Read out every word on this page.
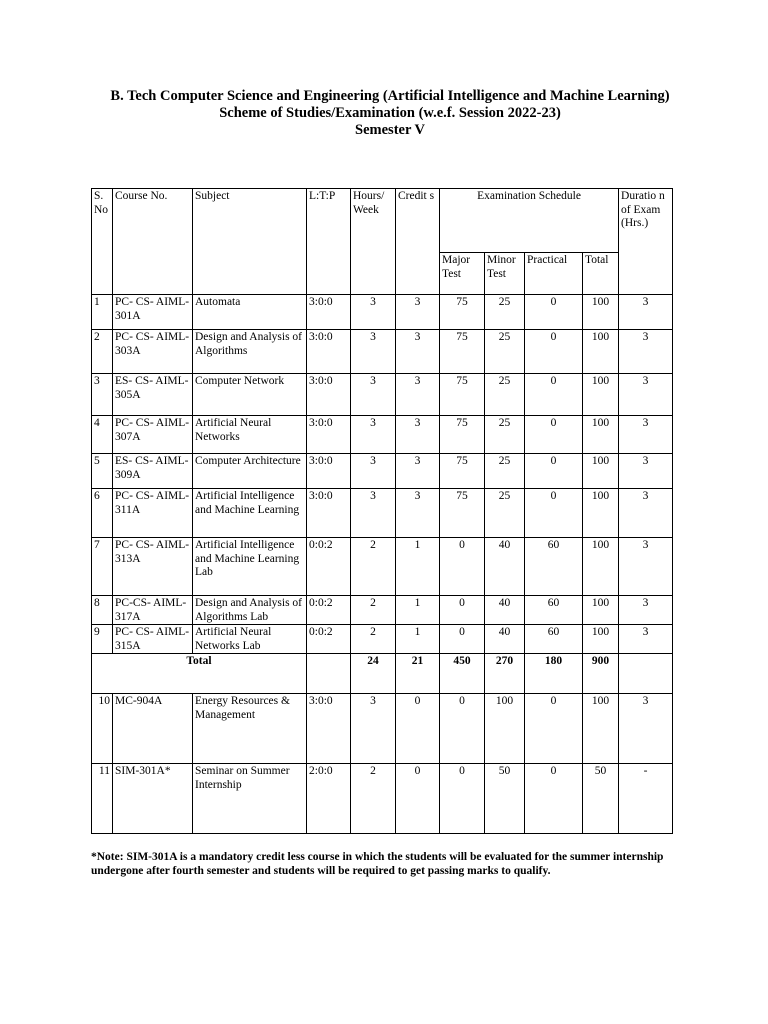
B. Tech Computer Science and Engineering (Artificial Intelligence and Machine Learning)
Scheme of Studies/Examination (w.e.f. Session 2022-23)
Semester V
S. No	Course No.	Subject	L:T:P	Hours/ Week	Credit s	Examination Schedule				Duratio n of Exam (Hrs.)
						Major Test	Minor Test	Practical	Total	
1	PC- CS- AIML- 301A	Automata	3:0:0	3	3	75	25	0	100	3
2	PC- CS- AIML- 303A	Design and Analysis of Algorithms	3:0:0	3	3	75	25	0	100	3
3	ES- CS- AIML- 305A	Computer Network	3:0:0	3	3	75	25	0	100	3
4	PC- CS- AIML- 307A	Artificial Neural Networks	3:0:0	3	3	75	25	0	100	3
5	ES- CS- AIML- 309A	Computer Architecture	3:0:0	3	3	75	25	0	100	3
6	PC- CS- AIML- 311A	Artificial Intelligence and Machine Learning	3:0:0	3	3	75	25	0	100	3
7	PC- CS- AIML- 313A	Artificial Intelligence and Machine Learning Lab	0:0:2	2	1	0	40	60	100	3
8	PC-CS- AIML- 317A	Design and Analysis of Algorithms Lab	0:0:2	2	1	0	40	60	100	3
9	PC- CS- AIML- 315A	Artificial Neural Networks Lab	0:0:2	2	1	0	40	60	100	3
Total				24	21	450	270	180	900	
10	MC-904A	Energy Resources & Management	3:0:0	3	0	0	100	0	100	3
11	SIM-301A*	Seminar on Summer Internship	2:0:0	2	0	0	50	0	50	-
*Note: SIM-301A is a mandatory credit less course in which the students will be evaluated for the summer internship undergone after fourth semester and students will be required to get passing marks to qualify.
